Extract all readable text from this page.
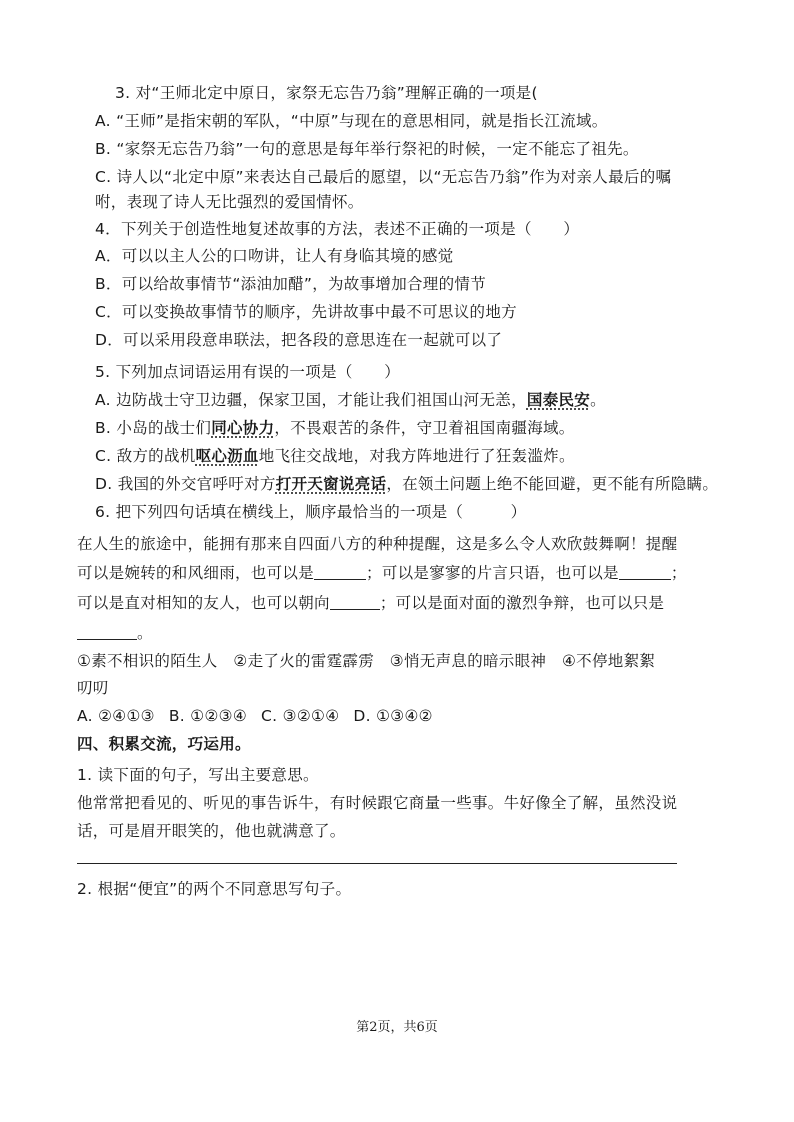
3. 对“王师北定中原日，家祭无忘告乃翁”理解正确的一项是(
A. “王师”是指宋朝的军队，“中原”与现在的意思相同，就是指长江流域。
B. “家祭无忘告乃翁”一句的意思是每年举行祭祀的时候，一定不能忘了祖先。
C. 诗人以“北定中原”来表达自己最后的愿望，以“无忘告乃翁”作为对亲人最后的嘱
咐，表现了诗人无比强烈的爱国情怀。
4．下列关于创造性地复述故事的方法，表述不正确的一项是（　　）
A．可以以主人公的口吻讲，让人有身临其境的感觉
B．可以给故事情节“添油加醋”，为故事增加合理的情节
C．可以变换故事情节的顺序，先讲故事中最不可思议的地方
D．可以采用段意串联法，把各段的意思连在一起就可以了
5. 下列加点词语运用有误的一项是（　　）
A. 边防战士守卫边疆，保家卫国，才能让我们祖国山河无恙，国泰民安。
B. 小岛的战士们同心协力，不畏艰苦的条件，守卫着祖国南疆海域。
C. 敌方的战机呕心沥血地飞往交战地，对我方阵地进行了狂轰滥炸。
D. 我国的外交官呼吁对方打开天窗说亮话，在领土问题上绝不能回避，更不能有所隐瞒。
6. 把下列四句话填在横线上，顺序最恰当的一项是（　　　）
在人生的旅途中，能拥有那来自四面八方的种种提醒，这是多么令人欢欣鼓舞啊！提醒
可以是婉转的和风细雨，也可以是	；可以是寥寥的片言只语，也可以是	；
可以是直对相知的友人，也可以朝向	；可以是面对面的激烈争辩，也可以只是
。
①素不相识的陌生人　②走了火的雷霆霹雳　③悄无声息的暗示眼神　④不停地絮絮
叨叨
A. ②④①③ B. ①②③④ C. ③②①④ D. ①③④②
四、积累交流，巧运用。
1. 读下面的句子，写出主要意思。
他常常把看见的、听见的事告诉牛，有时候跟它商量一些事。牛好像全了解，虽然没说
话，可是眉开眼笑的，他也就满意了。
2. 根据“便宜”的两个不同意思写句子。
第2页，共6页
